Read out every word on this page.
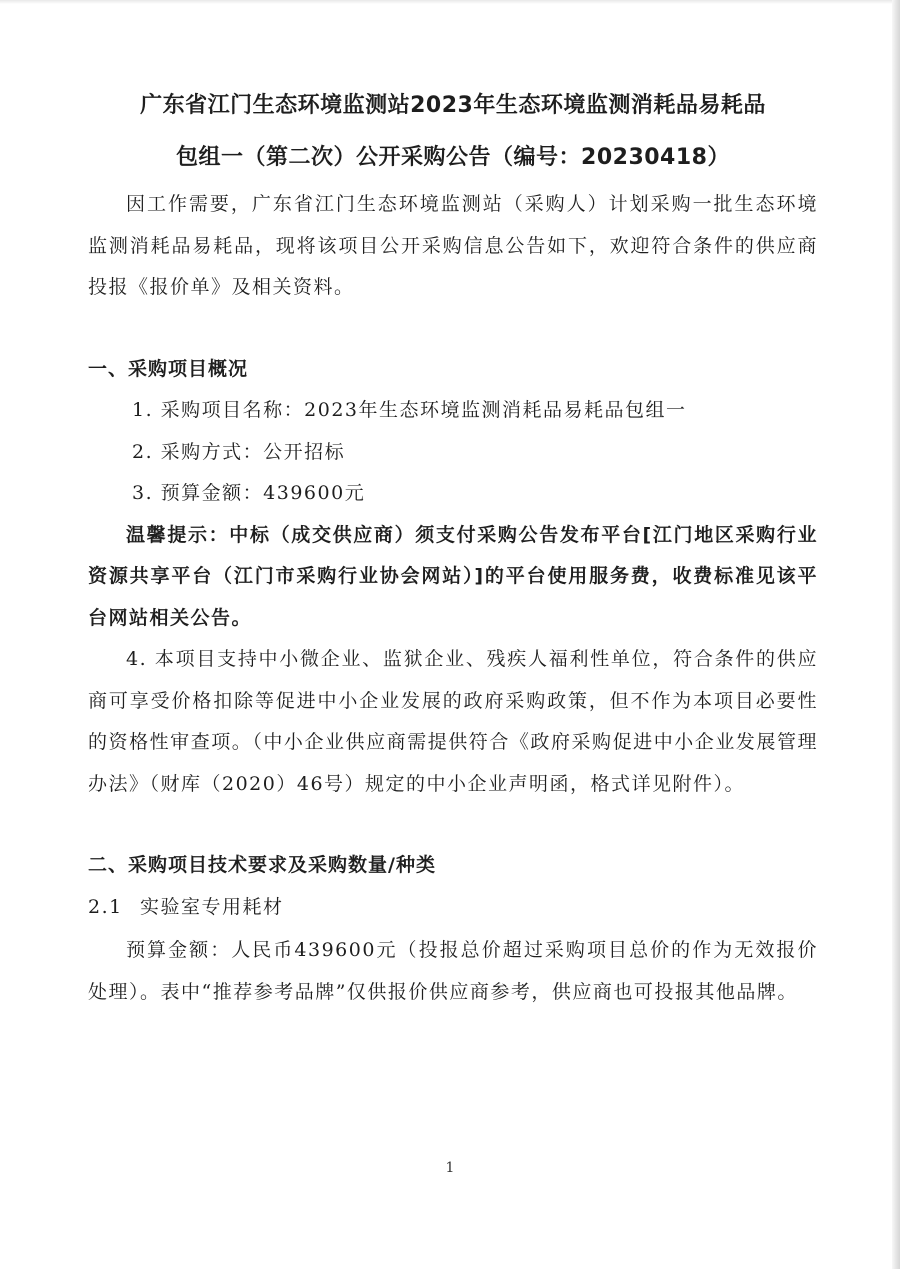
广东省江门生态环境监测站2023年生态环境监测消耗品易耗品
包组一（第二次）公开采购公告（编号：20230418）

因工作需要，广东省江门生态环境监测站（采购人）计划采购一批生态环境监测消耗品易耗品，现将该项目公开采购信息公告如下，欢迎符合条件的供应商投报《报价单》及相关资料。

一、采购项目概况

1. 采购项目名称：2023年生态环境监测消耗品易耗品包组一

2. 采购方式：公开招标

3. 预算金额：439600元

温馨提示：中标（成交供应商）须支付采购公告发布平台[江门地区采购行业资源共享平台（江门市采购行业协会网站）]的平台使用服务费，收费标准见该平台网站相关公告。

4. 本项目支持中小微企业、监狱企业、残疾人福利性单位，符合条件的供应商可享受价格扣除等促进中小企业发展的政府采购政策，但不作为本项目必要性的资格性审查项。（中小企业供应商需提供符合《政府采购促进中小企业发展管理办法》（财库（2020）46号）规定的中小企业声明函，格式详见附件）。

二、采购项目技术要求及采购数量/种类

2.1 实验室专用耗材

预算金额：人民币439600元（投报总价超过采购项目总价的作为无效报价处理）。表中“推荐参考品牌”仅供报价供应商参考，供应商也可投报其他品牌。

1
